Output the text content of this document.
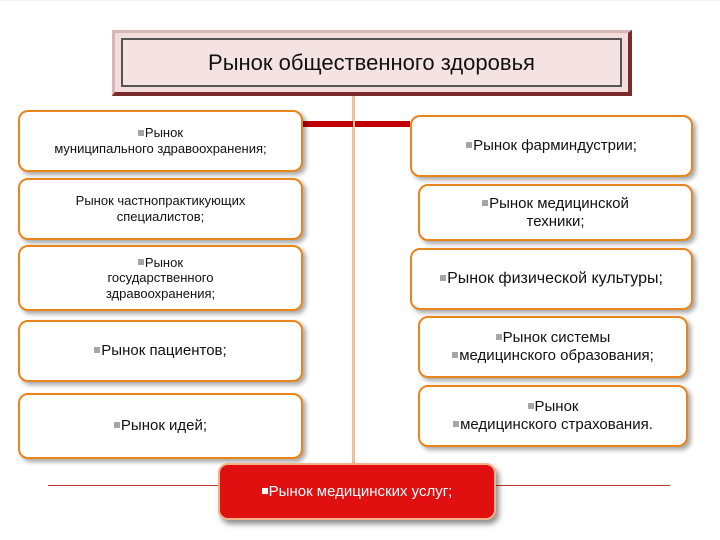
Рынок общественного здоровья
Рынок
муниципального здравоохранения;
Рынок частнопрактикующих
специалистов;
Рынок
государственного
здравоохранения;
Рынок пациентов;
Рынок идей;
Рынок фарминдустрии;
Рынок медицинской
техники;
Рынок физической культуры;
Рынок системы
медицинского образования;
Рынок
медицинского страхования.
Рынок медицинских услуг;
